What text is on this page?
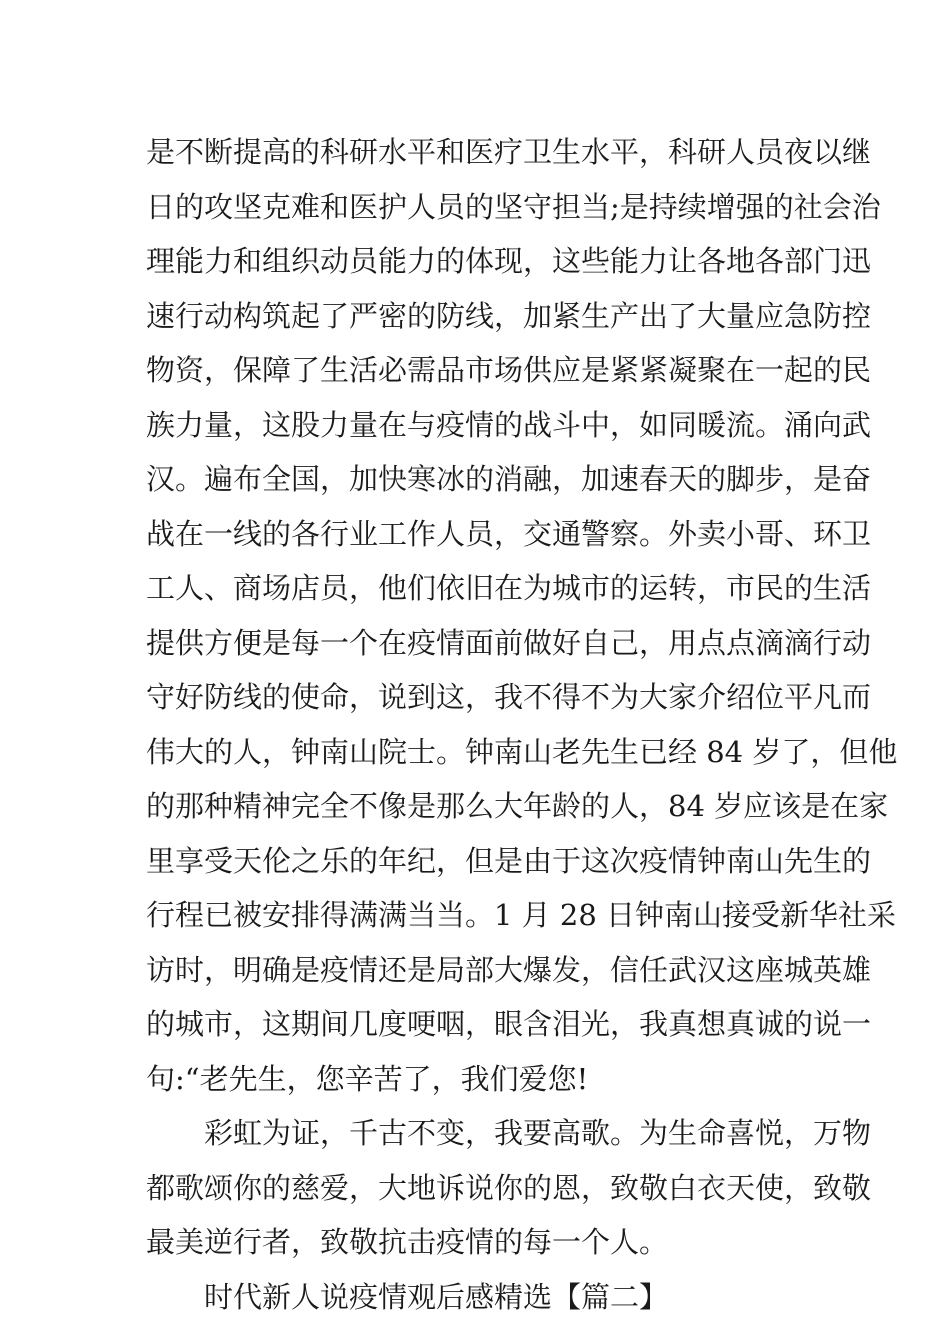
是不断提高的科研水平和医疗卫生水平，科研人员夜以继

日的攻坚克难和医护人员的坚守担当;是持续增强的社会治

理能力和组织动员能力的体现，这些能力让各地各部门迅

速行动构筑起了严密的防线，加紧生产出了大量应急防控

物资，保障了生活必需品市场供应是紧紧凝聚在一起的民

族力量，这股力量在与疫情的战斗中，如同暖流。涌向武

汉。遍布全国，加快寒冰的消融，加速春天的脚步，是奋

战在一线的各行业工作人员，交通警察。外卖小哥、环卫

工人、商场店员，他们依旧在为城市的运转，市民的生活

提供方便是每一个在疫情面前做好自己，用点点滴滴行动

守好防线的使命，说到这，我不得不为大家介绍位平凡而

伟大的人，钟南山院士。钟南山老先生已经 84 岁了，但他

的那种精神完全不像是那么大年龄的人，84 岁应该是在家

里享受天伦之乐的年纪，但是由于这次疫情钟南山先生的

行程已被安排得满满当当。1 月 28 日钟南山接受新华社采

访时，明确是疫情还是局部大爆发，信任武汉这座城英雄

的城市，这期间几度哽咽，眼含泪光，我真想真诚的说一

句:“老先生，您辛苦了，我们爱您!

彩虹为证，千古不变，我要高歌。为生命喜悦，万物

都歌颂你的慈爱，大地诉说你的恩，致敬白衣天使，致敬

最美逆行者，致敬抗击疫情的每一个人。

时代新人说疫情观后感精选【篇二】
